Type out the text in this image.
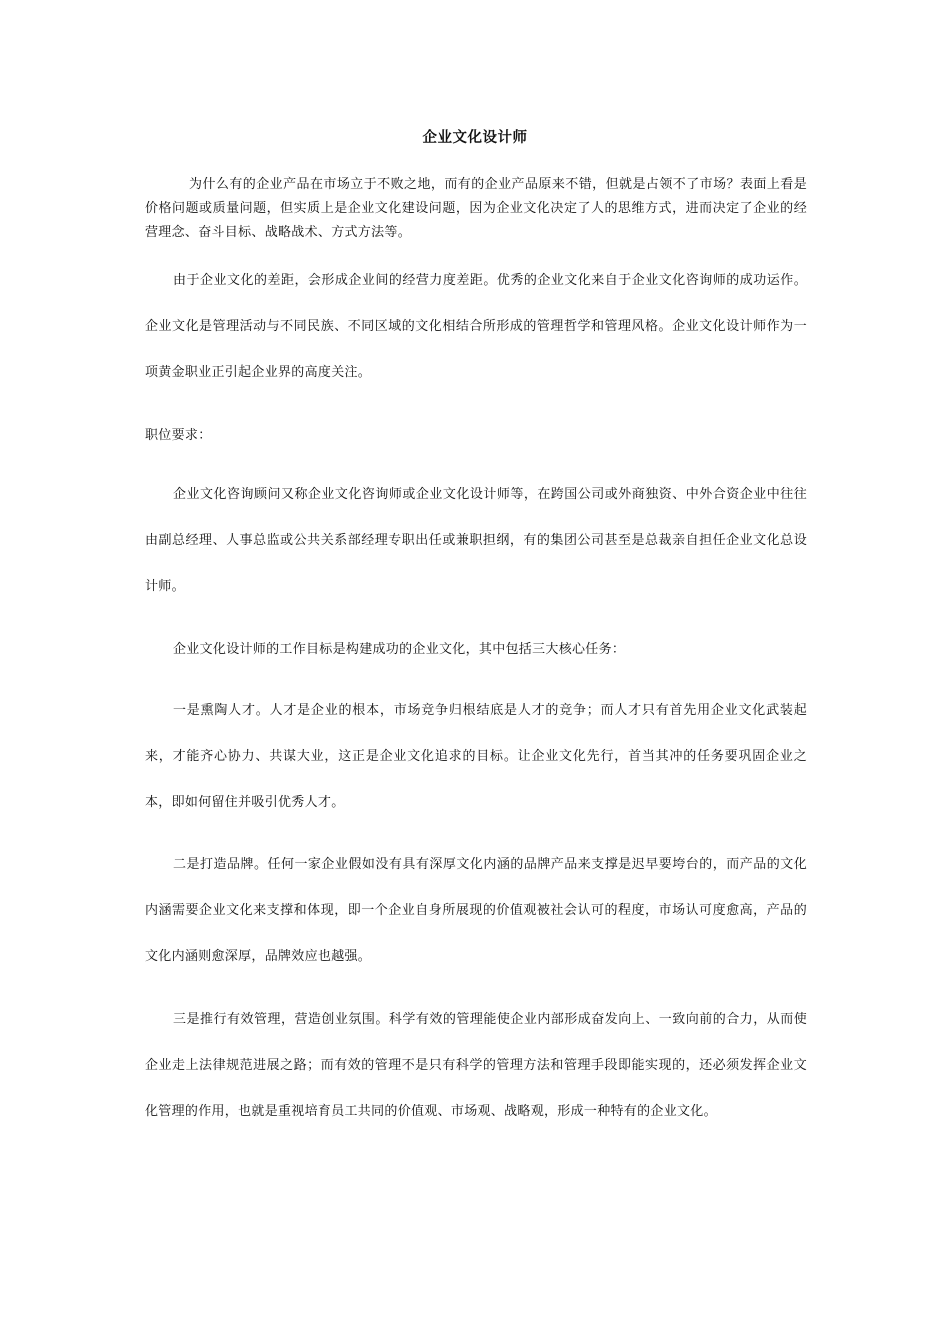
企业文化设计师

为什么有的企业产品在市场立于不败之地，而有的企业产品原来不错，但就是占领不了市场？表面上看是价格问题或质量问题，但实质上是企业文化建设问题，因为企业文化决定了人的思维方式，进而决定了企业的经营理念、奋斗目标、战略战术、方式方法等。

由于企业文化的差距，会形成企业间的经营力度差距。优秀的企业文化来自于企业文化咨询师的成功运作。企业文化是管理活动与不同民族、不同区域的文化相结合所形成的管理哲学和管理风格。企业文化设计师作为一项黄金职业正引起企业界的高度关注。

职位要求：

企业文化咨询顾问又称企业文化咨询师或企业文化设计师等，在跨国公司或外商独资、中外合资企业中往往由副总经理、人事总监或公共关系部经理专职出任或兼职担纲，有的集团公司甚至是总裁亲自担任企业文化总设计师。

企业文化设计师的工作目标是构建成功的企业文化，其中包括三大核心任务：

一是熏陶人才。人才是企业的根本，市场竞争归根结底是人才的竞争；而人才只有首先用企业文化武装起来，才能齐心协力、共谋大业，这正是企业文化追求的目标。让企业文化先行，首当其冲的任务要巩固企业之本，即如何留住并吸引优秀人才。

二是打造品牌。任何一家企业假如没有具有深厚文化内涵的品牌产品来支撑是迟早要垮台的，而产品的文化内涵需要企业文化来支撑和体现，即一个企业自身所展现的价值观被社会认可的程度，市场认可度愈高，产品的文化内涵则愈深厚，品牌效应也越强。

三是推行有效管理，营造创业氛围。科学有效的管理能使企业内部形成奋发向上、一致向前的合力，从而使企业走上法律规范进展之路；而有效的管理不是只有科学的管理方法和管理手段即能实现的，还必须发挥企业文化管理的作用，也就是重视培育员工共同的价值观、市场观、战略观，形成一种特有的企业文化。
